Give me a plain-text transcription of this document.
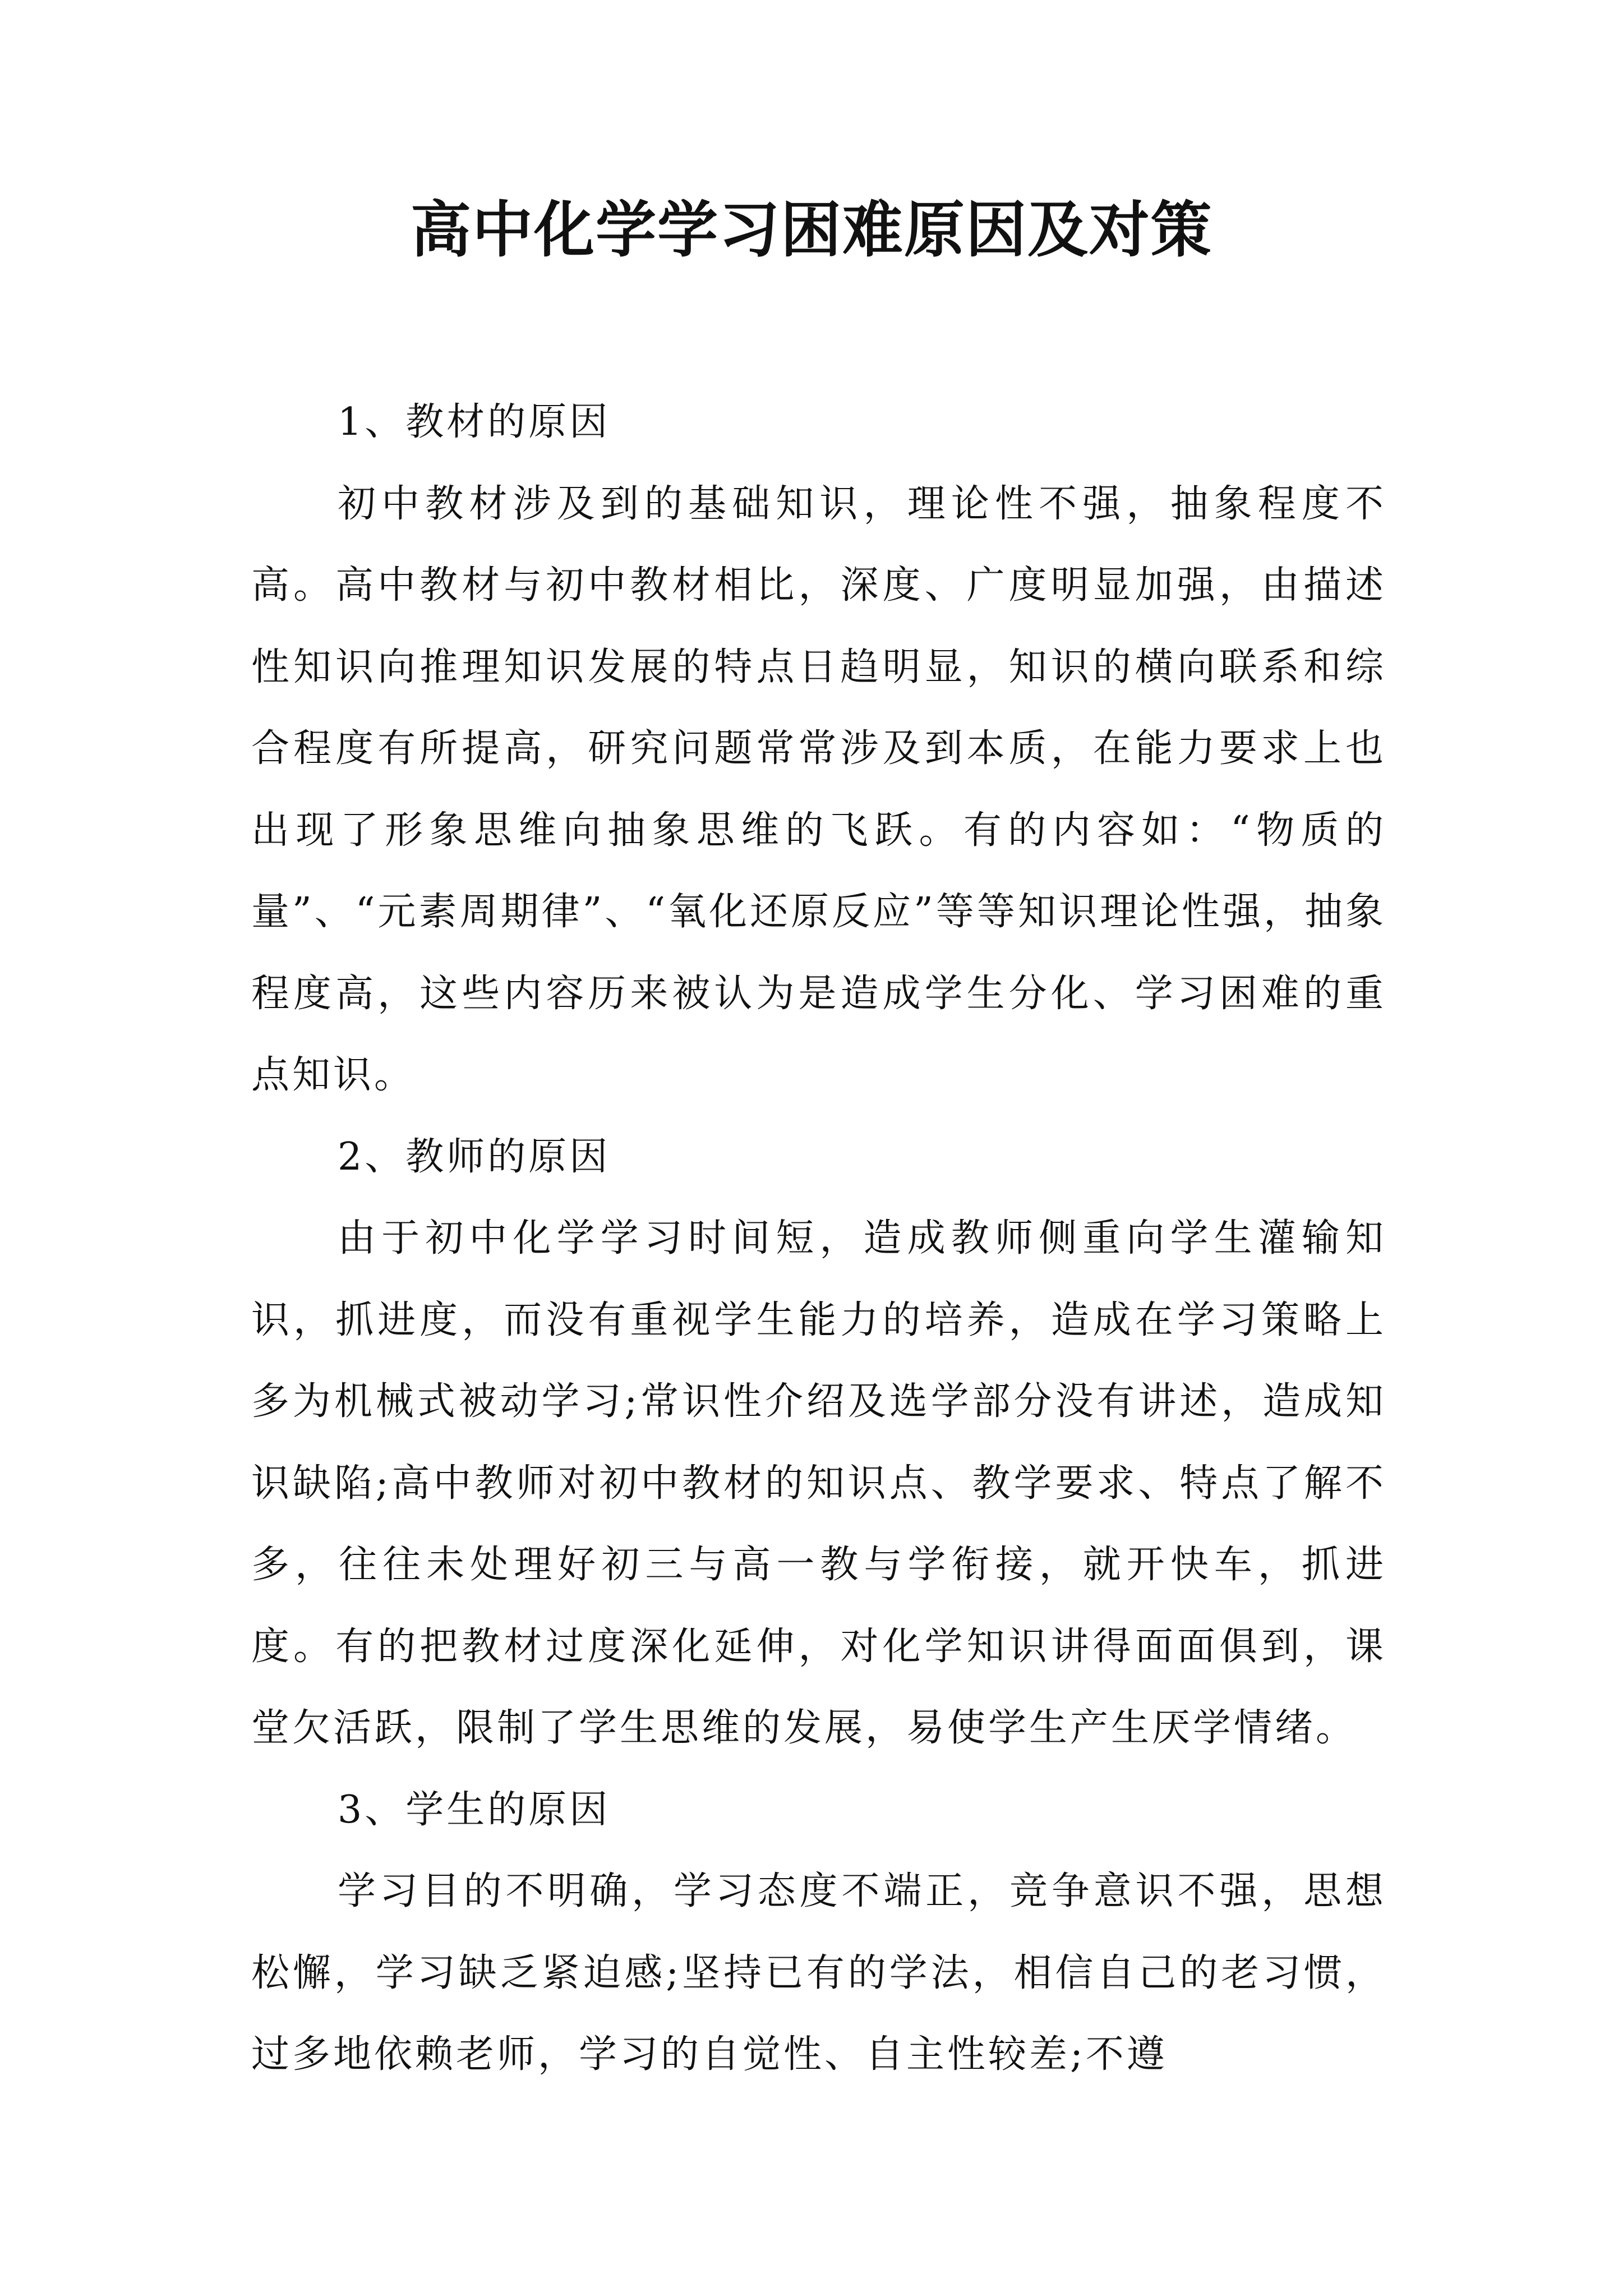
高中化学学习困难原因及对策

1、教材的原因

初中教材涉及到的基础知识，理论性不强，抽象程度不高。高中教材与初中教材相比，深度、广度明显加强，由描述性知识向推理知识发展的特点日趋明显，知识的横向联系和综合程度有所提高，研究问题常常涉及到本质，在能力要求上也出现了形象思维向抽象思维的飞跃。有的内容如：“物质的量”、“元素周期律”、“氧化还原反应”等等知识理论性强，抽象程度高，这些内容历来被认为是造成学生分化、学习困难的重点知识。

2、教师的原因

由于初中化学学习时间短，造成教师侧重向学生灌输知识，抓进度，而没有重视学生能力的培养，造成在学习策略上多为机械式被动学习;常识性介绍及选学部分没有讲述，造成知识缺陷;高中教师对初中教材的知识点、教学要求、特点了解不多，往往未处理好初三与高一教与学衔接，就开快车，抓进度。有的把教材过度深化延伸，对化学知识讲得面面俱到，课堂欠活跃，限制了学生思维的发展，易使学生产生厌学情绪。

3、学生的原因

学习目的不明确，学习态度不端正，竞争意识不强，思想松懈，学习缺乏紧迫感;坚持已有的学法，相信自己的老习惯，过多地依赖老师，学习的自觉性、自主性较差;不遵
